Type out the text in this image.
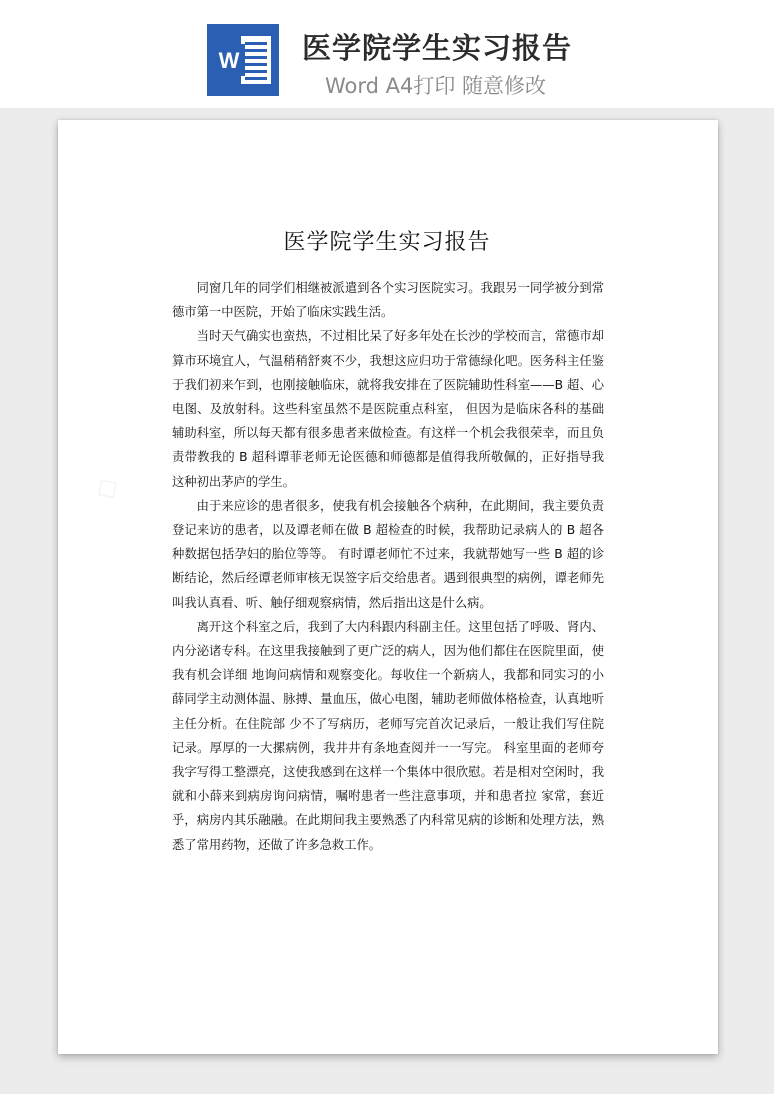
W 医学院学生实习报告
Word A4打印 随意修改
医学院学生实习报告

同窗几年的同学们相继被派遣到各个实习医院实习。我跟另一同学被分到常德市第一中医院，开始了临床实践生活。

当时天气确实也蛮热，不过相比呆了好多年处在长沙的学校而言，常德市却算市环境宜人，气温稍稍舒爽不少，我想这应归功于常德绿化吧。医务科主任鉴于我们初来乍到，也刚接触临床，就将我安排在了医院辅助性科室——B 超、心电图、及放射科。这些科室虽然不是医院重点科室， 但因为是临床各科的基础辅助科室，所以每天都有很多患者来做检查。有这样一个机会我很荣幸，而且负责带教我的 B 超科谭菲老师无论医德和师德都是值得我所敬佩的，正好指导我这种初出茅庐的学生。

由于来应诊的患者很多，使我有机会接触各个病种，在此期间，我主要负责登记来访的患者，以及谭老师在做 B 超检查的时候，我帮助记录病人的 B 超各种数据包括孕妇的胎位等等。 有时谭老师忙不过来，我就帮她写一些 B 超的诊断结论，然后经谭老师审核无误签字后交给患者。遇到很典型的病例，谭老师先叫我认真看、听、触仔细观察病情，然后指出这是什么病。

离开这个科室之后，我到了大内科跟内科副主任。这里包括了呼吸、肾内、内分泌诸专科。在这里我接触到了更广泛的病人，因为他们都住在医院里面，使我有机会详细 地询问病情和观察变化。每收住一个新病人，我都和同实习的小薛同学主动测体温、脉搏、量血压，做心电图，辅助老师做体格检查，认真地听主任分析。在住院部 少不了写病历，老师写完首次记录后，一般让我们写住院记录。厚厚的一大摞病例，我井井有条地查阅并一一写完。 科室里面的老师夸我字写得工整漂亮，这使我感到在这样一个集体中很欣慰。若是相对空闲时，我就和小薛来到病房询问病情，嘱咐患者一些注意事项，并和患者拉 家常，套近乎，病房内其乐融融。在此期间我主要熟悉了内科常见病的诊断和处理方法，熟悉了常用药物，还做了许多急救工作。
